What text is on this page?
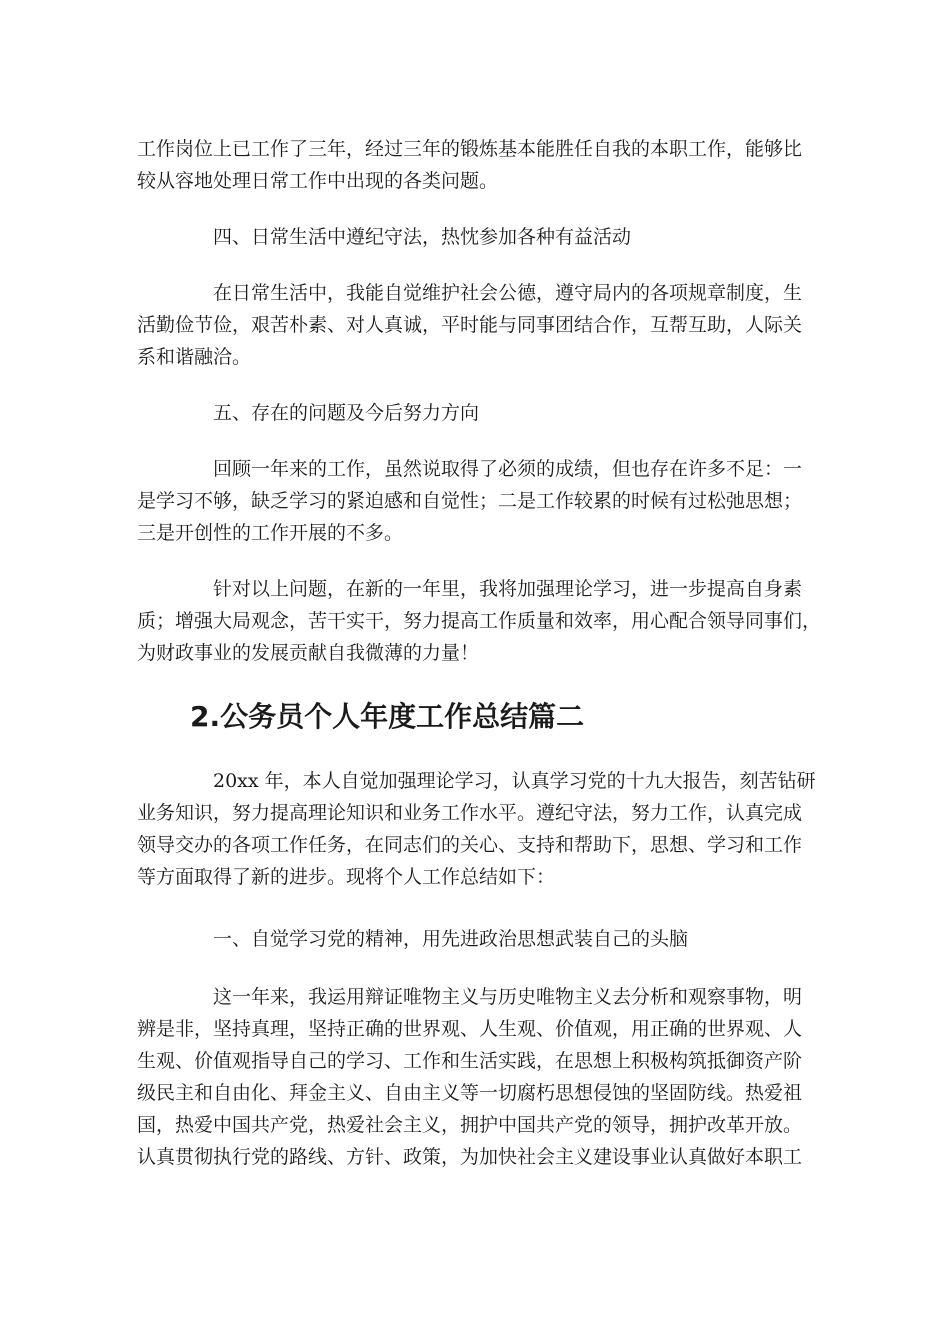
工作岗位上已工作了三年，经过三年的锻炼基本能胜任自我的本职工作，能够比
较从容地处理日常工作中出现的各类问题。
四、日常生活中遵纪守法，热忱参加各种有益活动
在日常生活中，我能自觉维护社会公德，遵守局内的各项规章制度，生
活勤俭节俭，艰苦朴素、对人真诚，平时能与同事团结合作，互帮互助，人际关
系和谐融洽。
五、存在的问题及今后努力方向
回顾一年来的工作，虽然说取得了必须的成绩，但也存在许多不足：一
是学习不够，缺乏学习的紧迫感和自觉性；二是工作较累的时候有过松弛思想；
三是开创性的工作开展的不多。
针对以上问题，在新的一年里，我将加强理论学习，进一步提高自身素
质；增强大局观念，苦干实干，努力提高工作质量和效率，用心配合领导同事们，
为财政事业的发展贡献自我微薄的力量！
2.公务员个人年度工作总结篇二
20xx 年，本人自觉加强理论学习，认真学习党的十九大报告，刻苦钻研
业务知识，努力提高理论知识和业务工作水平。遵纪守法，努力工作，认真完成
领导交办的各项工作任务，在同志们的关心、支持和帮助下，思想、学习和工作
等方面取得了新的进步。现将个人工作总结如下：
一、自觉学习党的精神，用先进政治思想武装自己的头脑
这一年来，我运用辩证唯物主义与历史唯物主义去分析和观察事物，明
辨是非，坚持真理，坚持正确的世界观、人生观、价值观，用正确的世界观、人
生观、价值观指导自己的学习、工作和生活实践，在思想上积极构筑抵御资产阶
级民主和自由化、拜金主义、自由主义等一切腐朽思想侵蚀的坚固防线。热爱祖
国，热爱中国共产党，热爱社会主义，拥护中国共产党的领导，拥护改革开放。
认真贯彻执行党的路线、方针、政策，为加快社会主义建设事业认真做好本职工
